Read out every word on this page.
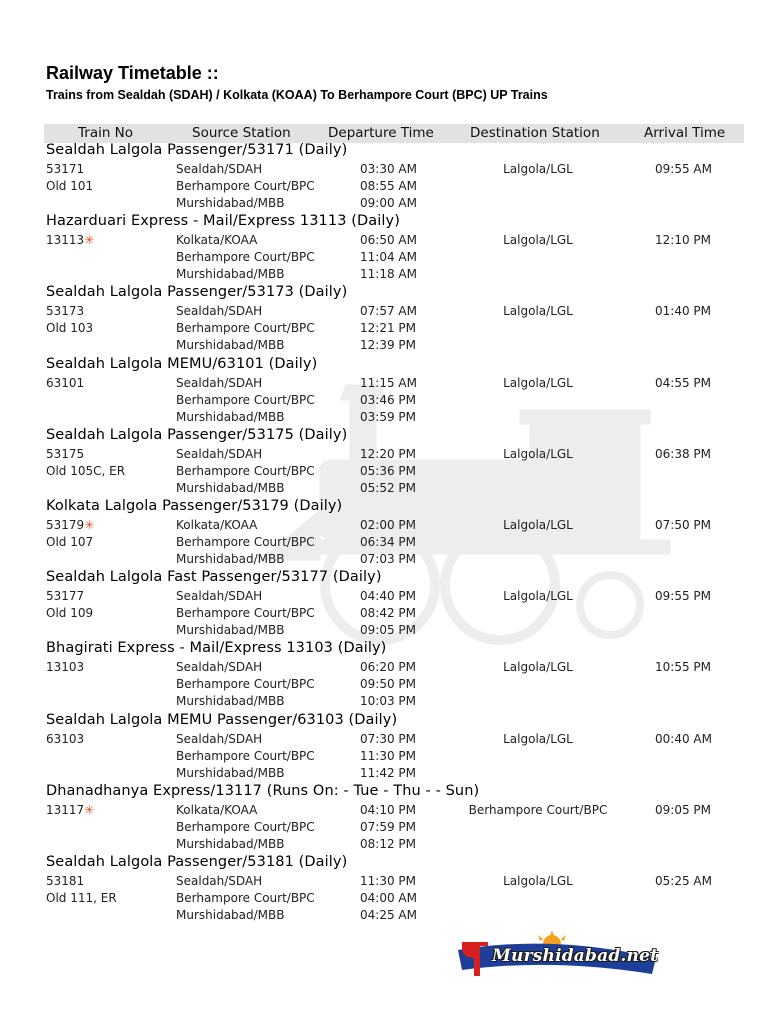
Railway Timetable ::
Trains from Sealdah (SDAH) / Kolkata (KOAA) To Berhampore Court (BPC) UP Trains
Train No	Source Station	Departure Time	Destination Station	Arrival Time
Sealdah Lalgola Passenger/53171 (Daily)
53171	Sealdah/SDAH	03:30 AM	Lalgola/LGL	09:55 AM
Old 101	Berhampore Court/BPC	08:55 AM
Murshidabad/MBB	09:00 AM
Hazarduari Express - Mail/Express 13113 (Daily)
13113✳	Kolkata/KOAA	06:50 AM	Lalgola/LGL	12:10 PM
Berhampore Court/BPC	11:04 AM
Murshidabad/MBB	11:18 AM
Sealdah Lalgola Passenger/53173 (Daily)
53173	Sealdah/SDAH	07:57 AM	Lalgola/LGL	01:40 PM
Old 103	Berhampore Court/BPC	12:21 PM
Murshidabad/MBB	12:39 PM
Sealdah Lalgola MEMU/63101 (Daily)
63101	Sealdah/SDAH	11:15 AM	Lalgola/LGL	04:55 PM
Berhampore Court/BPC	03:46 PM
Murshidabad/MBB	03:59 PM
Sealdah Lalgola Passenger/53175 (Daily)
53175	Sealdah/SDAH	12:20 PM	Lalgola/LGL	06:38 PM
Old 105C, ER	Berhampore Court/BPC	05:36 PM
Murshidabad/MBB	05:52 PM
Kolkata Lalgola Passenger/53179 (Daily)
53179✳	Kolkata/KOAA	02:00 PM	Lalgola/LGL	07:50 PM
Old 107	Berhampore Court/BPC	06:34 PM
Murshidabad/MBB	07:03 PM
Sealdah Lalgola Fast Passenger/53177 (Daily)
53177	Sealdah/SDAH	04:40 PM	Lalgola/LGL	09:55 PM
Old 109	Berhampore Court/BPC	08:42 PM
Murshidabad/MBB	09:05 PM
Bhagirati Express - Mail/Express 13103 (Daily)
13103	Sealdah/SDAH	06:20 PM	Lalgola/LGL	10:55 PM
Berhampore Court/BPC	09:50 PM
Murshidabad/MBB	10:03 PM
Sealdah Lalgola MEMU Passenger/63103 (Daily)
63103	Sealdah/SDAH	07:30 PM	Lalgola/LGL	00:40 AM
Berhampore Court/BPC	11:30 PM
Murshidabad/MBB	11:42 PM
Dhanadhanya Express/13117 (Runs On: - Tue - Thu - - Sun)
13117✳	Kolkata/KOAA	04:10 PM	Berhampore Court/BPC	09:05 PM
Berhampore Court/BPC	07:59 PM
Murshidabad/MBB	08:12 PM
Sealdah Lalgola Passenger/53181 (Daily)
53181	Sealdah/SDAH	11:30 PM	Lalgola/LGL	05:25 AM
Old 111, ER	Berhampore Court/BPC	04:00 AM
Murshidabad/MBB	04:25 AM
Murshidabad.net
